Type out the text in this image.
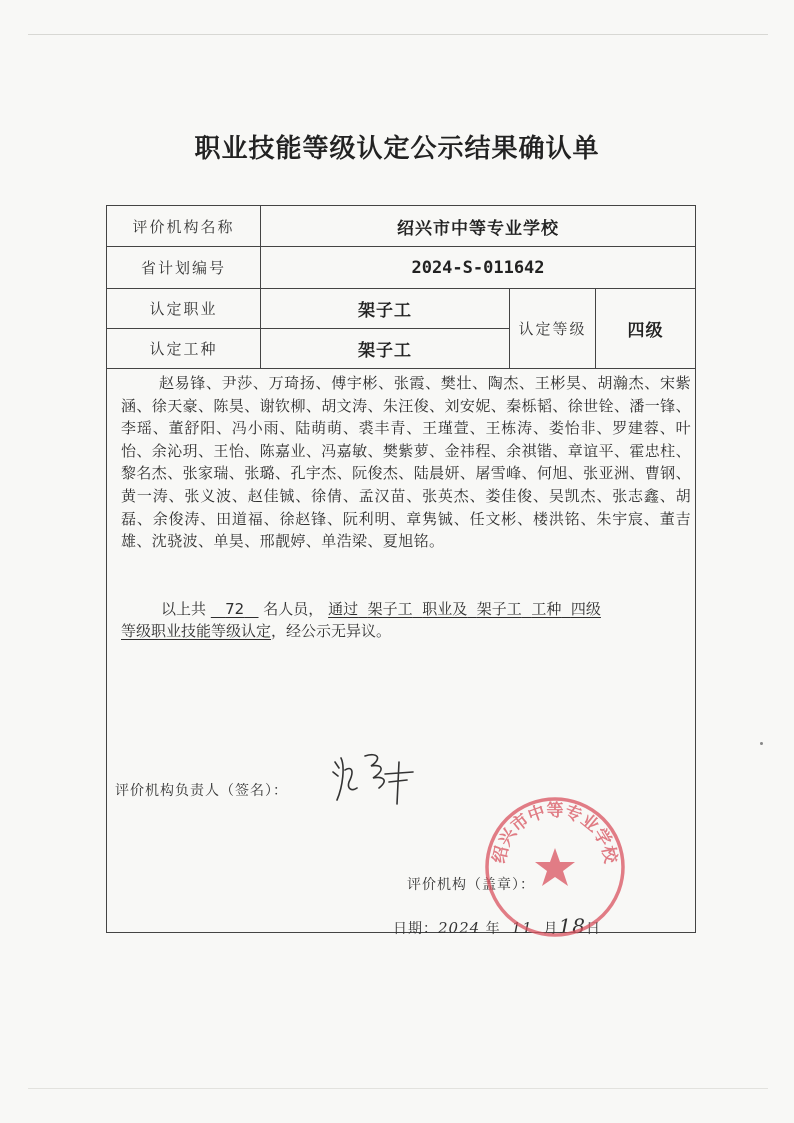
职业技能等级认定公示结果确认单
评价机构名称	绍兴市中等专业学校
省计划编号	2024-S-011642
认定职业	架子工
认定工种	架子工
认定等级	四级
赵易锋、尹莎、万琦扬、傅宇彬、张霞、樊壮、陶杰、王彬昊、胡瀚杰、宋紫涵、徐天豪、陈昊、谢钦柳、胡文涛、朱汪俊、刘安妮、秦栎韬、徐世铨、潘一锋、李瑶、董舒阳、冯小雨、陆萌萌、裘丰青、王瑾萱、王栋涛、娄怡非、罗建蓉、叶怡、余沁玥、王怡、陈嘉业、冯嘉敏、樊紫萝、金祎程、余祺锴、章谊平、霍忠柱、黎名杰、张家瑞、张璐、孔宇杰、阮俊杰、陆晨妍、屠雪峰、何旭、张亚洲、曹钢、黄一涛、张义波、赵佳铖、徐倩、孟汉苗、张英杰、娄佳俊、吴凯杰、张志鑫、胡磊、余俊涛、田道福、徐赵锋、阮利明、章隽铖、任文彬、楼洪铭、朱宇宸、董吉雄、沈骁波、单昊、邢靓婷、单浩梁、夏旭铭。
以上共 72 名人员， 通过 架子工 职业及 架子工 工种 四级
等级职业技能等级认定，经公示无异议。
评价机构负责人（签名）：
评价机构（盖章）：
日期：2024 年 11 月18日
绍兴市中等专业学校
